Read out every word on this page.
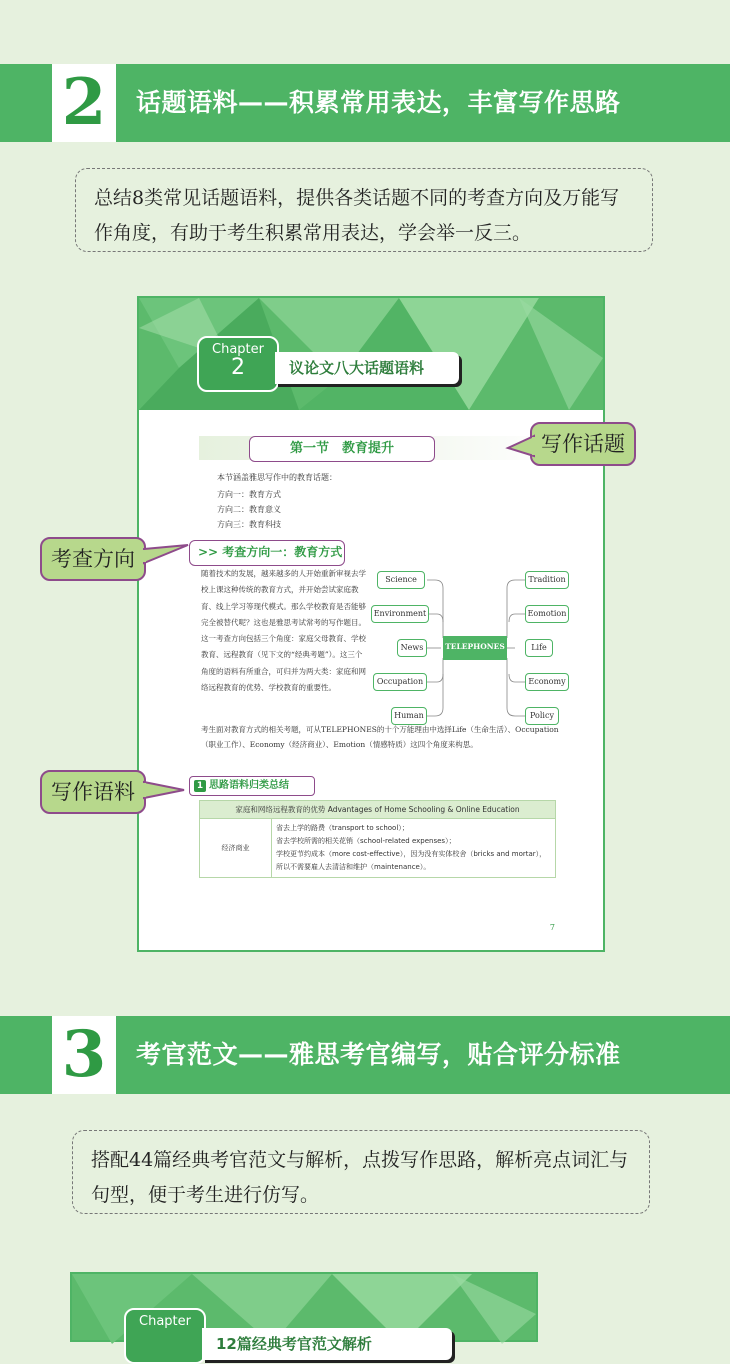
2 话题语料——积累常用表达，丰富写作思路
总结8类常见话题语料，提供各类话题不同的考查方向及万能写作角度，有助于考生积累常用表达，学会举一反三。
Chapter
2	议论文八大话题语料
第一节　教育提升
本节涵盖雅思写作中的教育话题：
方向一：教育方式
方向二：教育意义
方向三：教育科技
>> 考查方向一：教育方式
随着技术的发展，越来越多的人开始重新审视去学校上课这种传统的教育方式，并开始尝试家庭教育、线上学习等现代模式。那么学校教育是否能够完全被替代呢？这也是雅思考试常考的写作题目。这一考查方向包括三个角度：家庭父母教育、学校教育、远程教育（见下文的“经典考题”）。这三个角度的语料有所重合，可归并为两大类：家庭和网络远程教育的优势、学校教育的重要性。
Science
Environment
News
Occupation
Human
TELEPHONES
Tradition
Eomotion
Life
Economy
Policy
考生面对教育方式的相关考题，可从TELEPHONES的十个万能理由中选择Life（生命生活）、Occupation（职业工作）、Economy（经济商业）、Emotion（情感特质）这四个角度来构思。
1 思路语料归类总结
家庭和网络远程教育的优势 Advantages of Home Schooling & Online Education
经济商业	
省去上学的路费（transport to school）；
省去学校所需的相关花销（school-related expenses）；
学校更节约成本（more cost-effective），因为没有实体校舍（bricks and mortar），所以不需要雇人去清洁和维护（maintenance）。
7
写作话题
考查方向
写作语料
3 考官范文——雅思考官编写，贴合评分标准
搭配44篇经典考官范文与解析，点拨写作思路，解析亮点词汇与句型，便于考生进行仿写。
Chapter
12篇经典考官范文解析
